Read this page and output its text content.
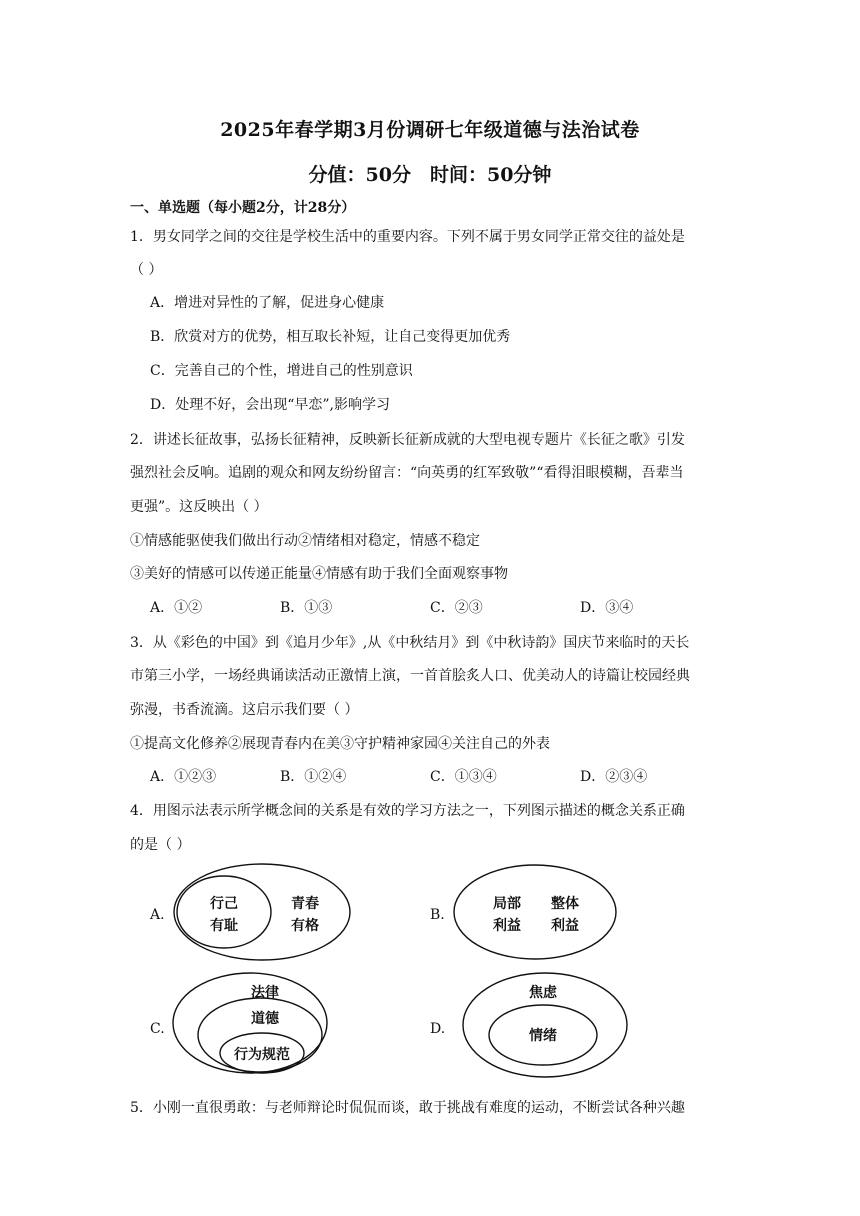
2025年春学期3月份调研七年级道德与法治试卷
分值：50分　时间：50分钟
一、单选题（每小题2分，计28分）
1．男女同学之间的交往是学校生活中的重要内容。下列不属于男女同学正常交往的益处是
（ ）
A．增进对异性的了解，促进身心健康
B．欣赏对方的优势，相互取长补短，让自己变得更加优秀
C．完善自己的个性，增进自己的性别意识
D．处理不好，会出现“早恋”,影响学习
2．讲述长征故事，弘扬长征精神，反映新长征新成就的大型电视专题片《长征之歌》引发
强烈社会反响。追剧的观众和网友纷纷留言：“向英勇的红军致敬”“看得泪眼模糊，吾辈当
更强”。这反映出（ ）
①情感能驱使我们做出行动②情绪相对稳定，情感不稳定
③美好的情感可以传递正能量④情感有助于我们全面观察事物
A．①②	B．①③	C．②③	D．③④
3．从《彩色的中国》到《追月少年》,从《中秋结月》到《中秋诗韵》国庆节来临时的天长
市第三小学，一场经典诵读活动正激情上演，一首首脍炙人口、优美动人的诗篇让校园经典
弥漫，书香流滴。这启示我们要（ ）
①提高文化修养②展现青春内在美③守护精神家园④关注自己的外表
A．①②③	B．①②④	C．①③④	D．②③④
4．用图示法表示所学概念间的关系是有效的学习方法之一，下列图示描述的概念关系正确
的是（ ）
A.
行己
有耻
青春
有格
B.
局部
利益
整体
利益
C.
法律
道德
行为规范
D.
焦虑
情绪
5．小刚一直很勇敢：与老师辩论时侃侃而谈，敢于挑战有难度的运动，不断尝试各种兴趣
